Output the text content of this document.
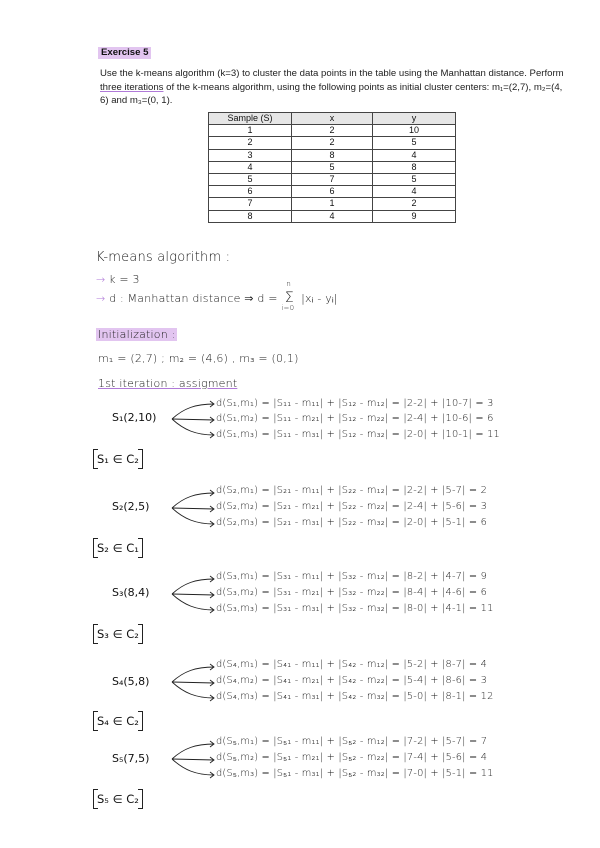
Exercise 5
Use the k-means algorithm (k=3) to cluster the data points in the table using the Manhattan distance. Perform three iterations of the k-means algorithm, using the following points as initial cluster centers: m₁=(2,7), m₂=(4, 6) and m₃=(0, 1).
Sample (S)	x	y
1	2	10
2	2	5
3	8	4
4	5	8
5	7	5
6	6	4
7	1	2
8	4	9
K-means algorithm :
→ k = 3
→ d : Manhattan distance ⇒ d =
n
Σ
i=0
|xᵢ - yᵢ|
Initialization :
m₁ = (2,7) ; m₂ = (4,6) , m₃ = (0,1)
1st iteration : assigment
S₁(2,10)
d(S₁,m₁) = |S₁₁ - m₁₁| + |S₁₂ - m₁₂| = |2-2| + |10-7| = 3
d(S₁,m₂) = |S₁₁ - m₂₁| + |S₁₂ - m₂₂| = |2-4| + |10-6| = 6
d(S₁,m₃) = |S₁₁ - m₃₁| + |S₁₂ - m₃₂| = |2-0| + |10-1| = 11
S₁ ∈ C₂
S₂(2,5)
d(S₂,m₁) = |S₂₁ - m₁₁| + |S₂₂ - m₁₂| = |2-2| + |5-7| = 2
d(S₂,m₂) = |S₂₁ - m₂₁| + |S₂₂ - m₂₂| = |2-4| + |5-6| = 3
d(S₂,m₃) = |S₂₁ - m₃₁| + |S₂₂ - m₃₂| = |2-0| + |5-1| = 6
S₂ ∈ C₁
S₃(8,4)
d(S₃,m₁) = |S₃₁ - m₁₁| + |S₃₂ - m₁₂| = |8-2| + |4-7| = 9
d(S₃,m₂) = |S₃₁ - m₂₁| + |S₃₂ - m₂₂| = |8-4| + |4-6| = 6
d(S₃,m₃) = |S₃₁ - m₃₁| + |S₃₂ - m₃₂| = |8-0| + |4-1| = 11
S₃ ∈ C₂
S₄(5,8)
d(S₄,m₁) = |S₄₁ - m₁₁| + |S₄₂ - m₁₂| = |5-2| + |8-7| = 4
d(S₄,m₂) = |S₄₁ - m₂₁| + |S₄₂ - m₂₂| = |5-4| + |8-6| = 3
d(S₄,m₃) = |S₄₁ - m₃₁| + |S₄₂ - m₃₂| = |5-0| + |8-1| = 12
S₄ ∈ C₂
S₅(7,5)
d(S₅,m₁) = |S₅₁ - m₁₁| + |S₅₂ - m₁₂| = |7-2| + |5-7| = 7
d(S₅,m₂) = |S₅₁ - m₂₁| + |S₅₂ - m₂₂| = |7-4| + |5-6| = 4
d(S₅,m₃) = |S₅₁ - m₃₁| + |S₅₂ - m₃₂| = |7-0| + |5-1| = 11
S₅ ∈ C₂
